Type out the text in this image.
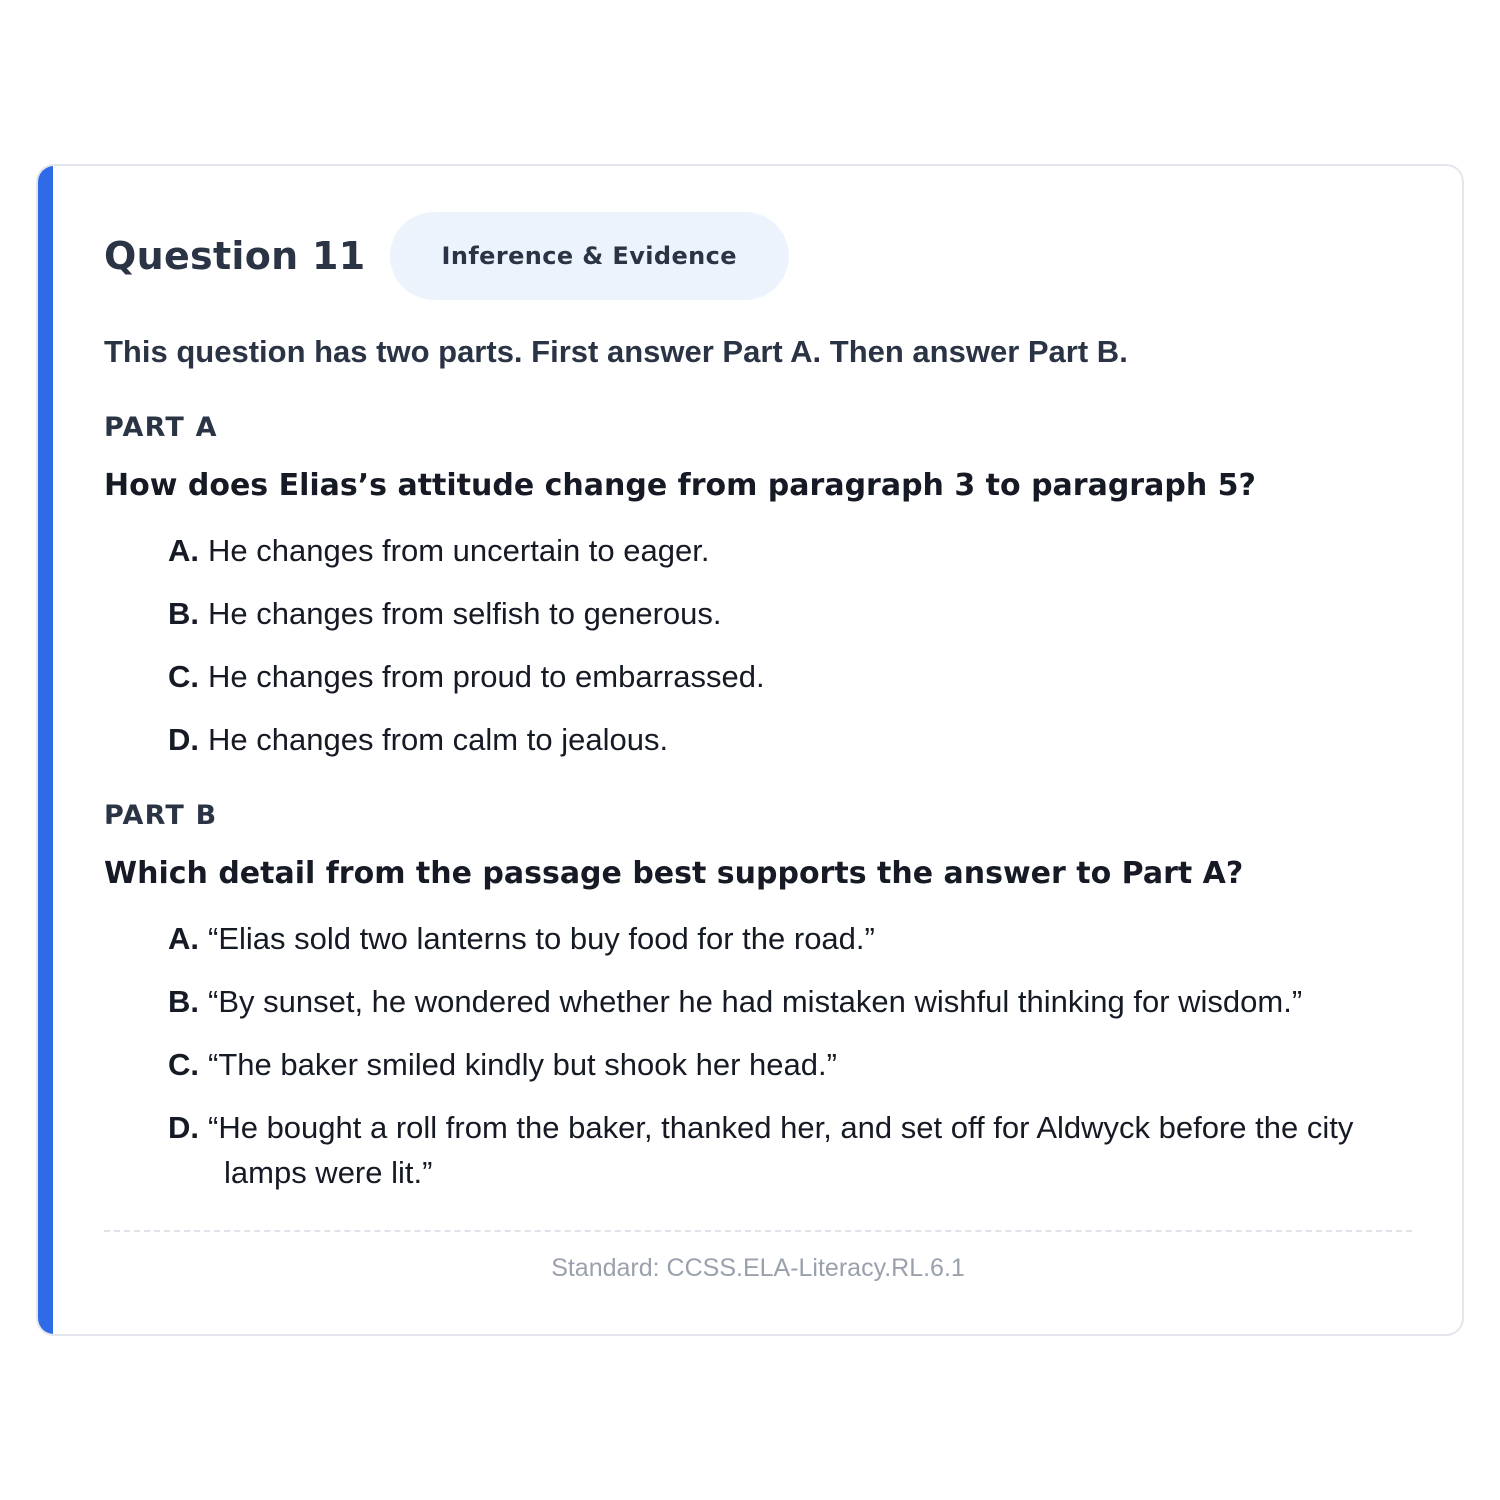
Question 11	Inference & Evidence
This question has two parts. First answer Part A. Then answer Part B.
PART A
How does Elias’s attitude change from paragraph 3 to paragraph 5?
A. He changes from uncertain to eager.
B. He changes from selfish to generous.
C. He changes from proud to embarrassed.
D. He changes from calm to jealous.
PART B
Which detail from the passage best supports the answer to Part A?
A. “Elias sold two lanterns to buy food for the road.”
B. “By sunset, he wondered whether he had mistaken wishful thinking for wisdom.”
C. “The baker smiled kindly but shook her head.”
D. “He bought a roll from the baker, thanked her, and set off for Aldwyck before the city lamps were lit.”
Standard: CCSS.ELA-Literacy.RL.6.1
